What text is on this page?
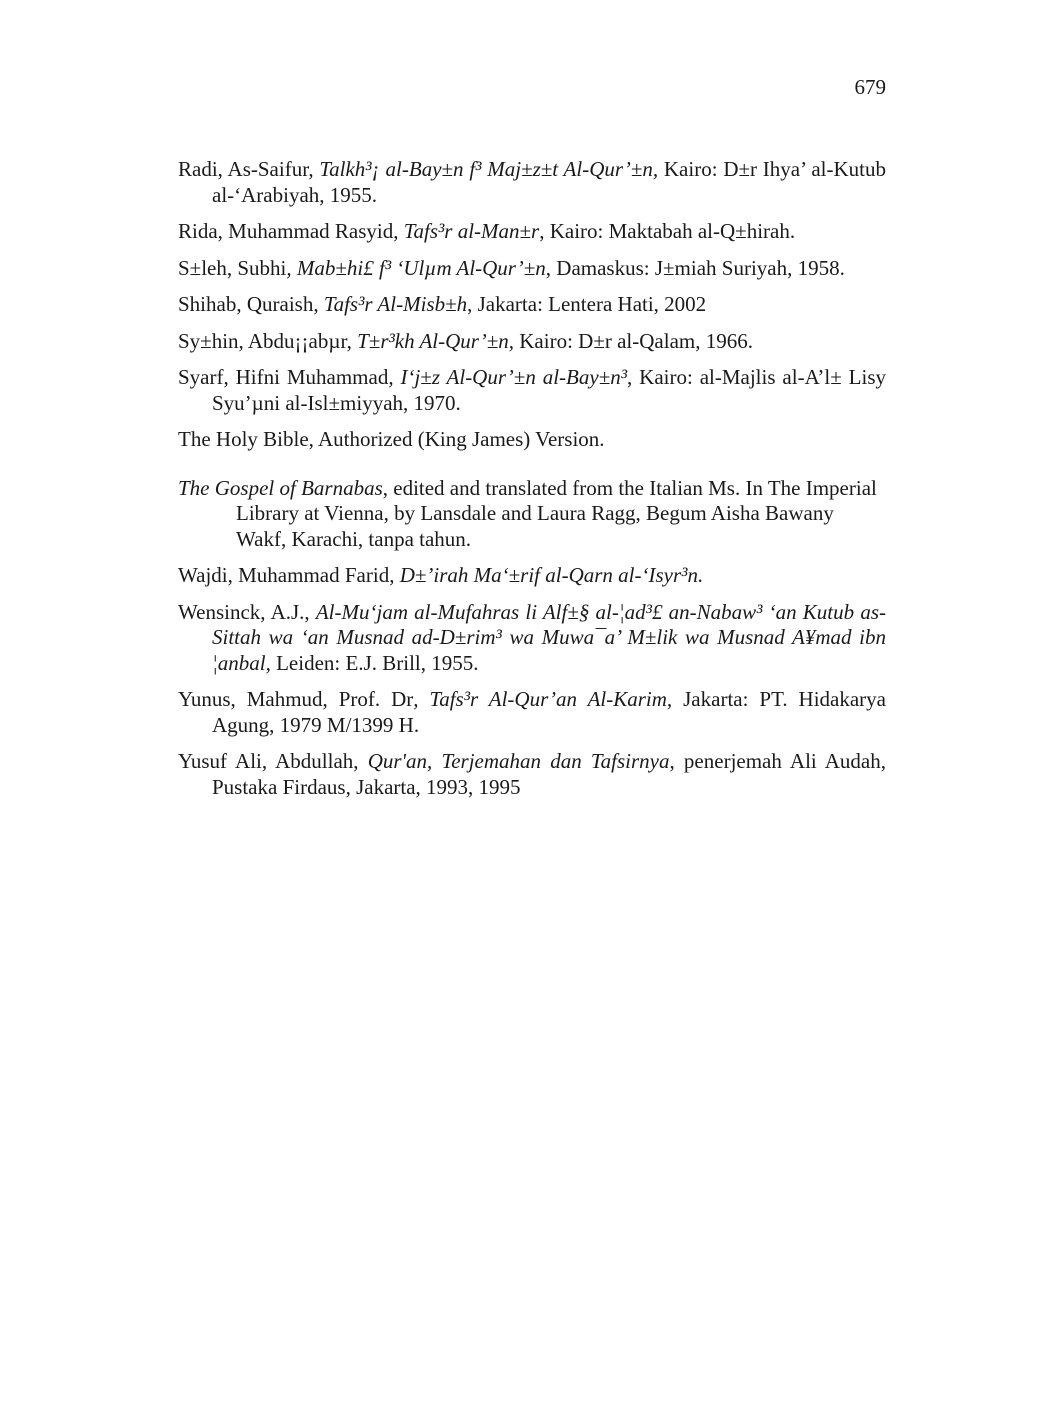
679
Radi, As-Saifur, Talkh³¡ al-Bay±n f³ Maj±z±t Al-Qur’±n, Kairo: D±r Ihya’ al-Kutub al-‘Arabiyah, 1955.
Rida, Muhammad Rasyid, Tafs³r al-Man±r, Kairo: Maktabah al-Q±hirah.
S±leh, Subhi, Mab±hi£ f³ ‘Ulµm Al-Qur’±n, Damaskus: J±miah Suriyah, 1958.
Shihab, Quraish, Tafs³r Al-Misb±h, Jakarta: Lentera Hati, 2002
Sy±hin, Abdu¡¡abµr, T±r³kh Al-Qur’±n, Kairo: D±r al-Qalam, 1966.
Syarf, Hifni Muhammad, I‘j±z Al-Qur’±n al-Bay±n³, Kairo: al-Majlis al-A’l± Lisy Syu’µni al-Isl±miyyah, 1970.
The Holy Bible, Authorized (King James) Version.
The Gospel of Barnabas, edited and translated from the Italian Ms. In The Imperial Library at Vienna, by Lansdale and Laura Ragg, Begum Aisha Bawany Wakf, Karachi, tanpa tahun.
Wajdi, Muhammad Farid, D±’irah Ma‘±rif al-Qarn al-‘Isyr³n.
Wensinck, A.J., Al-Mu‘jam al-Mufahras li Alf±§ al-¦ad³£ an-Nabaw³ ‘an Kutub as-Sittah wa ‘an Musnad ad-D±rim³ wa Muwa¯a’ M±lik wa Musnad A¥mad ibn ¦anbal, Leiden: E.J. Brill, 1955.
Yunus, Mahmud, Prof. Dr, Tafs³r Al-Qur’an Al-Karim, Jakarta: PT. Hidakarya Agung, 1979 M/1399 H.
Yusuf Ali, Abdullah, Qur'an, Terjemahan dan Tafsirnya, penerjemah Ali Audah, Pustaka Firdaus, Jakarta, 1993, 1995
